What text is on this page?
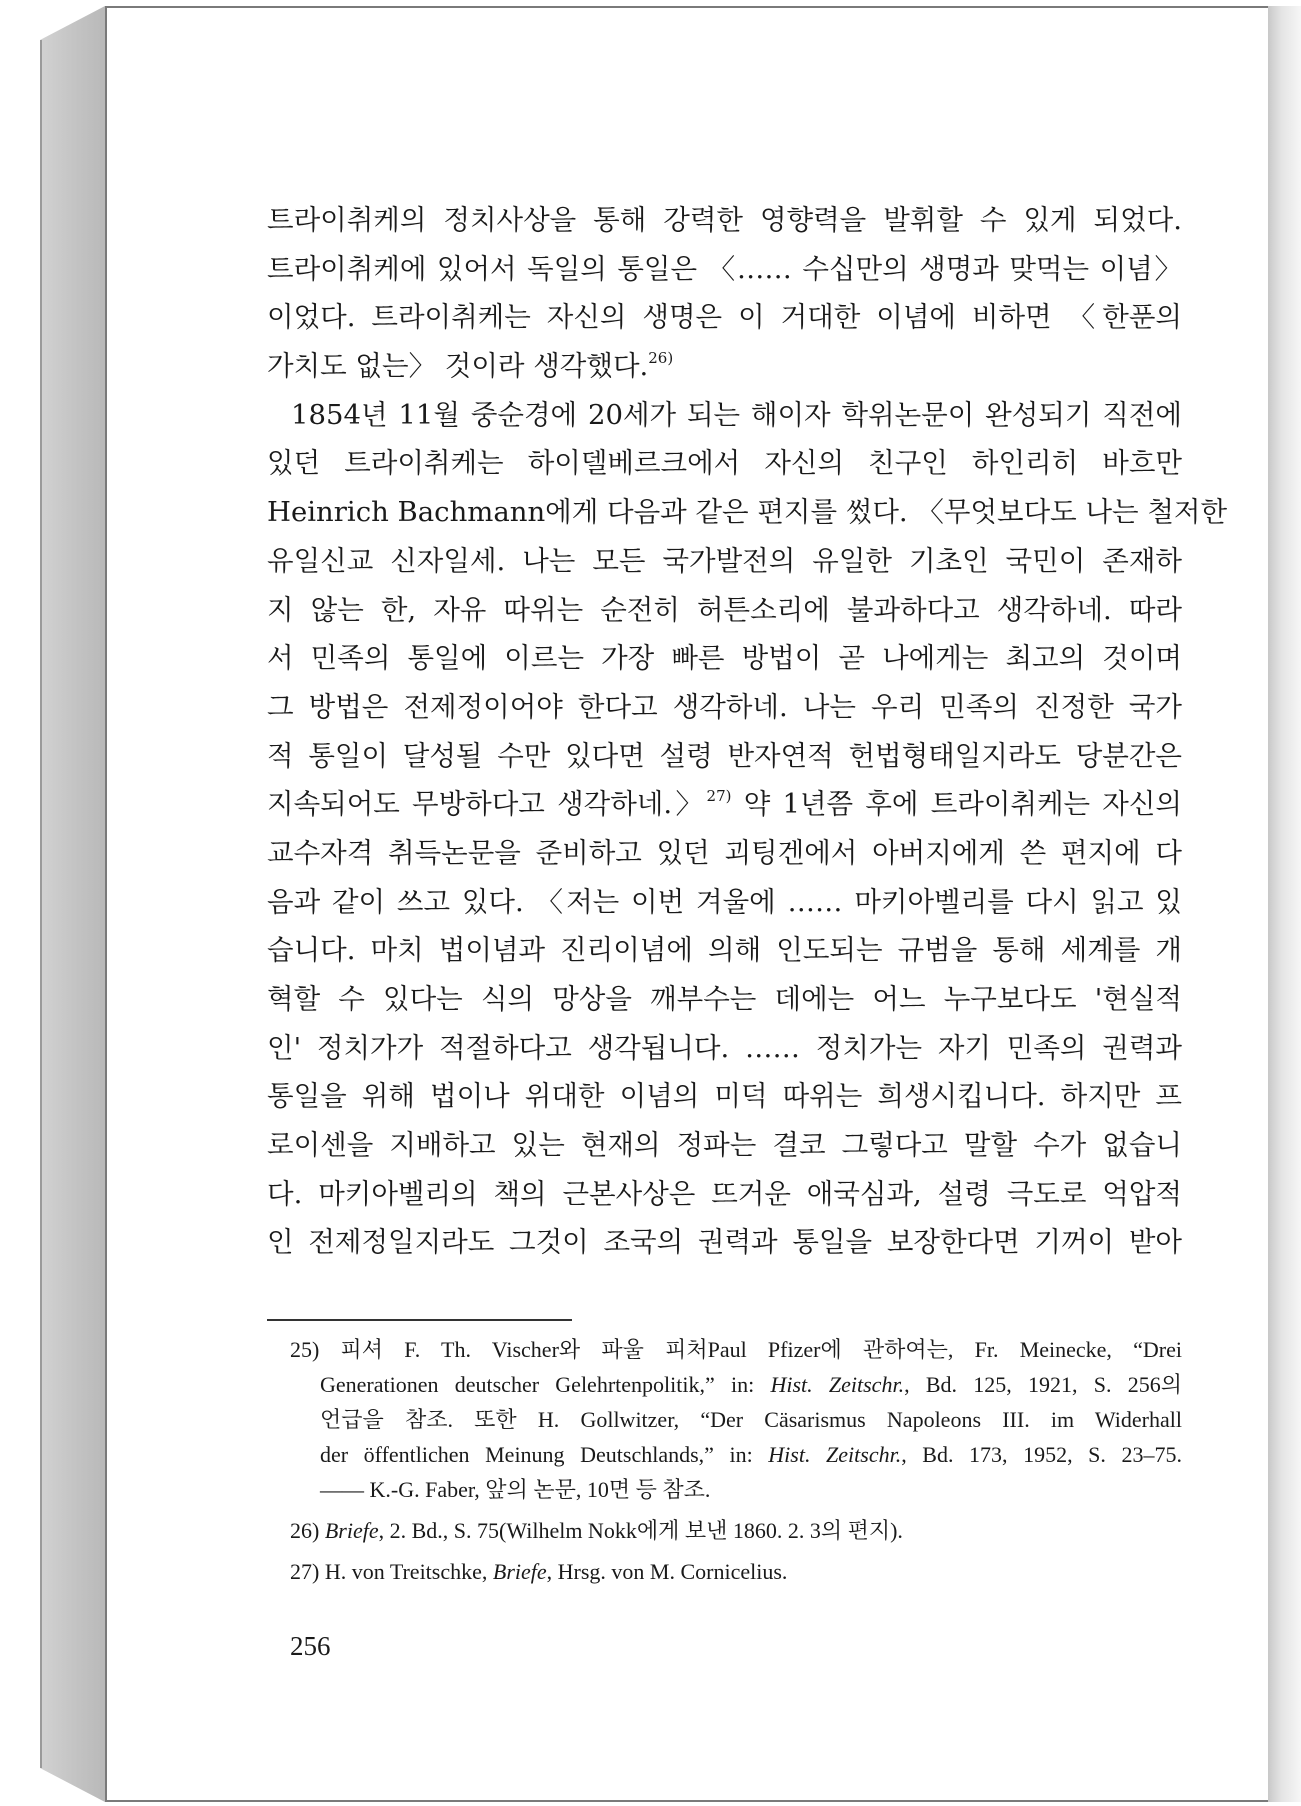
트라이취케의 정치사상을 통해 강력한 영향력을 발휘할 수 있게 되었다.
트라이취케에 있어서 독일의 통일은 〈…… 수십만의 생명과 맞먹는 이념〉
이었다. 트라이취케는 자신의 생명은 이 거대한 이념에 비하면 〈한푼의
가치도 없는〉 것이라 생각했다.$^{26)}$
1854년 11월 중순경에 20세가 되는 해이자 학위논문이 완성되기 직전에
있던 트라이취케는 하이델베르크에서 자신의 친구인 하인리히 바흐만
Heinrich Bachmann에게 다음과 같은 편지를 썼다. 〈무엇보다도 나는 철저한
유일신교 신자일세. 나는 모든 국가발전의 유일한 기초인 국민이 존재하
지 않는 한, 자유 따위는 순전히 허튼소리에 불과하다고 생각하네. 따라
서 민족의 통일에 이르는 가장 빠른 방법이 곧 나에게는 최고의 것이며
그 방법은 전제정이어야 한다고 생각하네. 나는 우리 민족의 진정한 국가
적 통일이 달성될 수만 있다면 설령 반자연적 헌법형태일지라도 당분간은
지속되어도 무방하다고 생각하네.〉$^{27)}$ 약 1년쯤 후에 트라이취케는 자신의
교수자격 취득논문을 준비하고 있던 괴팅겐에서 아버지에게 쓴 편지에 다
음과 같이 쓰고 있다. 〈저는 이번 겨울에 …… 마키아벨리를 다시 읽고 있
습니다. 마치 법이념과 진리이념에 의해 인도되는 규범을 통해 세계를 개
혁할 수 있다는 식의 망상을 깨부수는 데에는 어느 누구보다도 '현실적
인' 정치가가 적절하다고 생각됩니다. …… 정치가는 자기 민족의 권력과
통일을 위해 법이나 위대한 이념의 미덕 따위는 희생시킵니다. 하지만 프
로이센을 지배하고 있는 현재의 정파는 결코 그렇다고 말할 수가 없습니
다. 마키아벨리의 책의 근본사상은 뜨거운 애국심과, 설령 극도로 억압적
인 전제정일지라도 그것이 조국의 권력과 통일을 보장한다면 기꺼이 받아
25) 피셔 F. Th. Vischer와 파울 피처Paul Pfizer에 관하여는, Fr. Meinecke, “Drei
Generationen deutscher Gelehrtenpolitik,” in: Hist. Zeitschr., Bd. 125, 1921, S. 256의
언급을 참조. 또한 H. Gollwitzer, “Der Cäsarismus Napoleons III. im Widerhall
der öffentlichen Meinung Deutschlands,” in: Hist. Zeitschr., Bd. 173, 1952, S. 23–75.
—— K.-G. Faber, 앞의 논문, 10면 등 참조.
26) Briefe, 2. Bd., S. 75(Wilhelm Nokk에게 보낸 1860. 2. 3의 편지).
27) H. von Treitschke, Briefe, Hrsg. von M. Cornicelius.
256
